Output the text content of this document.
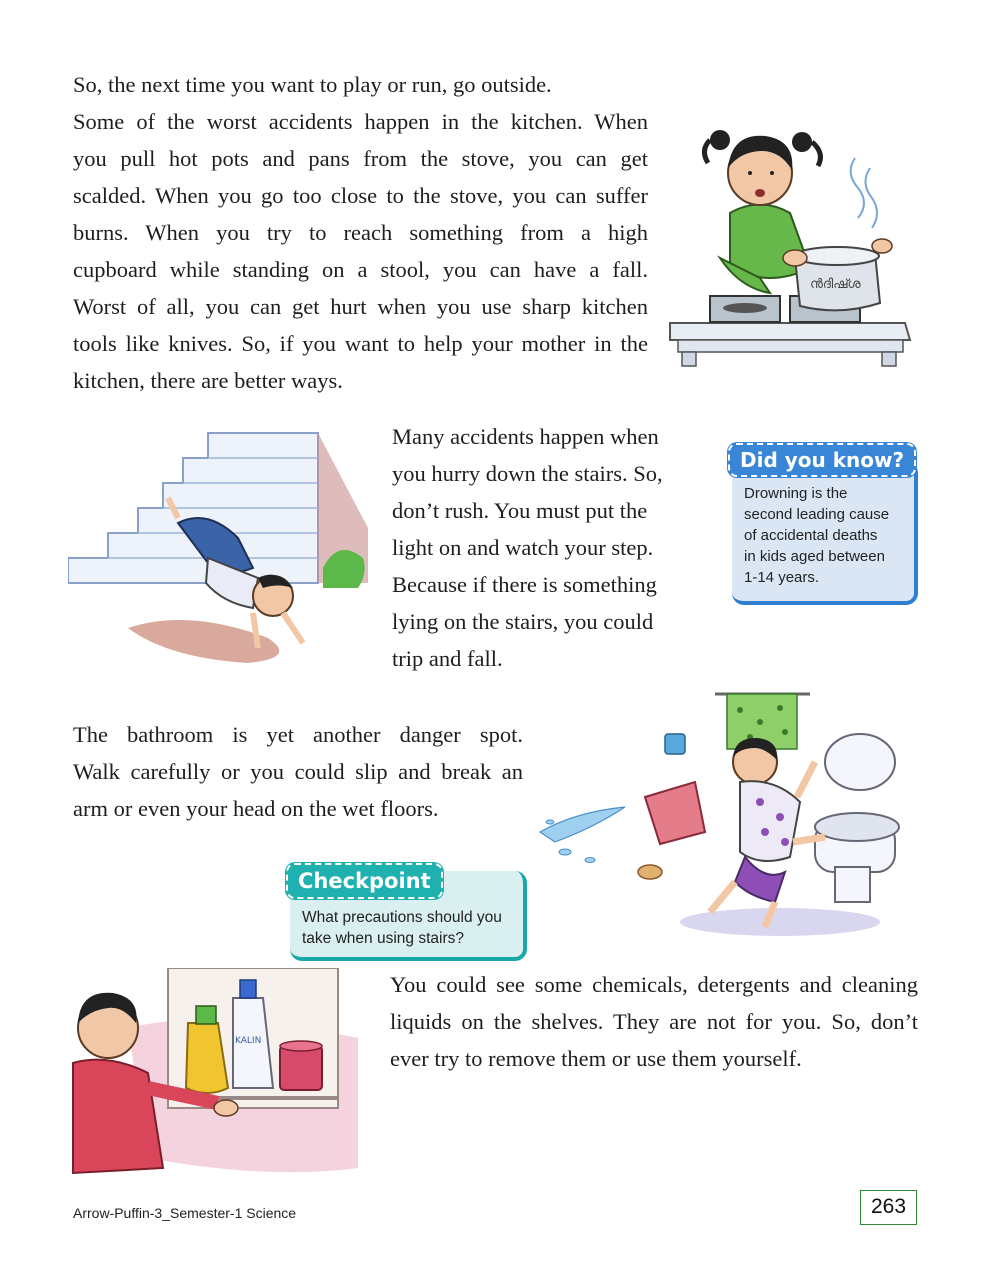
So, the next time you want to play or run, go outside.
Some of the worst accidents happen in the kitchen. When
you pull hot pots and pans from the stove, you can get
scalded. When you go too close to the stove, you can suffer
burns. When you try to reach something from a high
cupboard while standing on a stool, you can have a fall.
Worst of all, you can get hurt when you use sharp kitchen
tools like knives. So, if you want to help your mother in the
kitchen, there are better ways.
ൻദിഷ്ശ
Many accidents happen when
you hurry down the stairs. So,
don’t rush. You must put the
light on and watch your step.
Because if there is something
lying on the stairs, you could
trip and fall.
Did you know?
Drowning is the
second leading cause
of accidental deaths
in kids aged between
1-14 years.
The bathroom is yet another danger spot.
Walk carefully or you could slip and break an
arm or even your head on the wet floors.
Checkpoint
What precautions should you
take when using stairs?
KALIN
You could see some chemicals, detergents and cleaning
liquids on the shelves. They are not for you. So, don’t
ever try to remove them or use them yourself.
Arrow-Puffin-3_Semester-1 Science	263
